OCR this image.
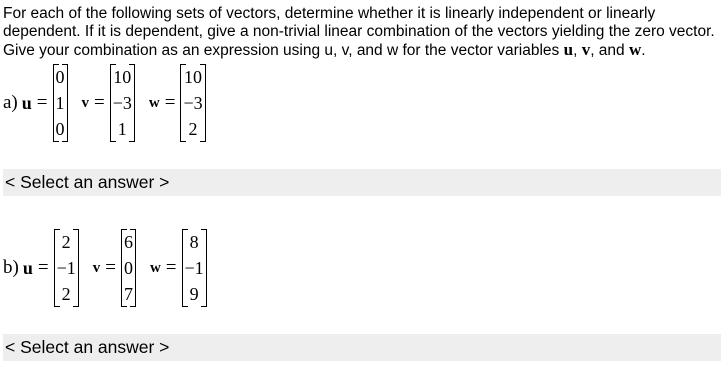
For each of the following sets of vectors, determine whether it is linearly independent or linearly dependent. If it is dependent, give a non-trivial linear combination of the vectors yielding the zero vector. Give your combination as an expression using u, v, and w for the vector variables u, v, and w.

a) u =
0
1
0
v =
10
−3
1
w =
10
−3
2
< Select an answer >
b) u =
2
−1
2
v =
6
0
7
w =
8
−1
9
< Select an answer >
